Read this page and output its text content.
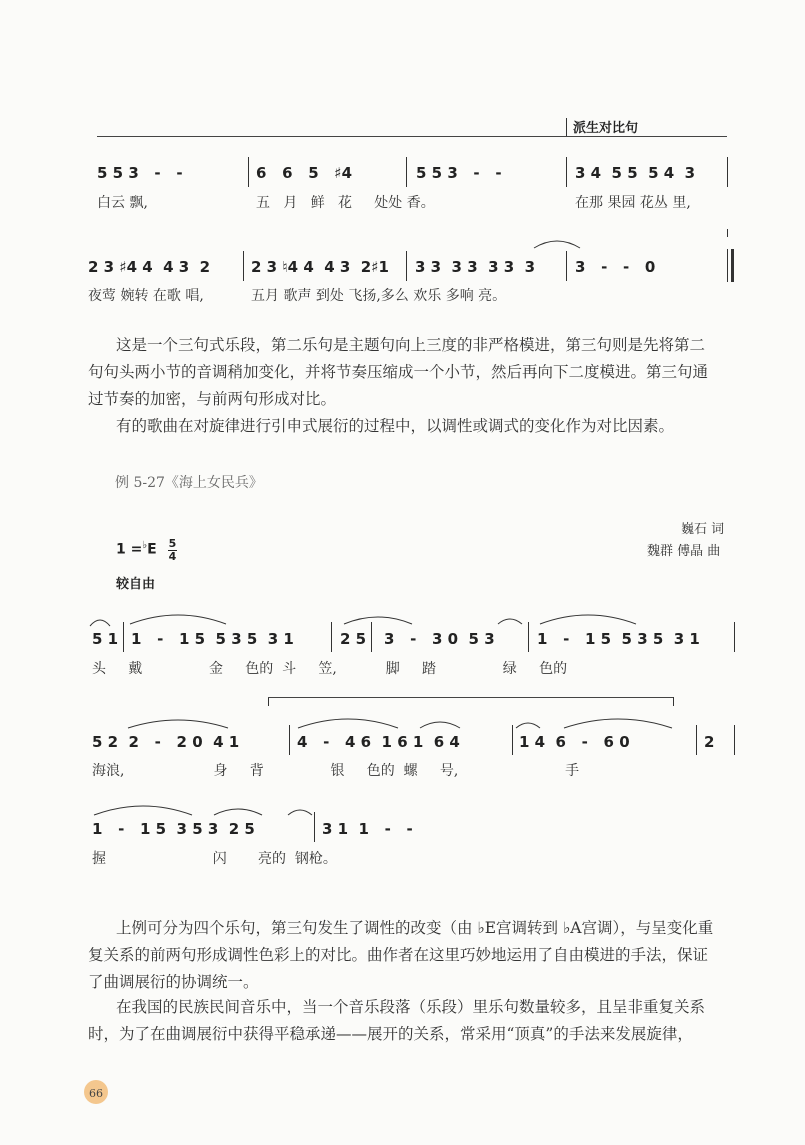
派生对比句
5 5 3   -   -	6   6   5   ♯4	5 5 3   -   -	3 4  5 5  5 4  3
白云 飘,	五   月   鲜   花     处处 香。	在那 果园 花丛 里,
2 3 ♯4 4  4 3  2	2 3 ♮4 4  4 3  2♯1 3 3  3 3  3 3  3	3   -   -   0
夜莺 婉转 在歌 唱,	五月 歌声 到处 飞扬,多么 欢乐 多响 亮。
这是一个三句式乐段，第二乐句是主题句向上三度的非严格模进，第三句则是先将第二
句句头两小节的音调稍加变化，并将节奏压缩成一个小节，然后再向下二度模进。第三句通
过节奏的加密，与前两句形成对比。
有的歌曲在对旋律进行引申式展衍的过程中，以调性或调式的变化作为对比因素。
例 5-27《海上女民兵》
巍石 词
魏群 傅晶 曲
1 =♭E 5
4
较自由
5 1 1   -   1 5  5 3 5  3 1	2 5 3   -   3 0  5 3	1   -   1 5  5 3 5  3 1
头     戴               金     色的  斗     笠,           脚     踏               绿     色的
5 2  2   -   2 0  4 1	4   -   4 6  1 6 1  6 4	1 4  6   -   6 0	2
海浪,                    身     背               银     色的  螺     号,                        手
1   -   1 5  3 5 3  2 5	3 1  1   -   -
握                        闪       亮的  钢枪。
上例可分为四个乐句，第三句发生了调性的改变（由 ♭E宫调转到 ♭A宫调），与呈变化重
复关系的前两句形成调性色彩上的对比。曲作者在这里巧妙地运用了自由模进的手法，保证
了曲调展衍的协调统一。
在我国的民族民间音乐中，当一个音乐段落（乐段）里乐句数量较多，且呈非重复关系
时，为了在曲调展衍中获得平稳承递——展开的关系，常采用“顶真”的手法来发展旋律，
66
